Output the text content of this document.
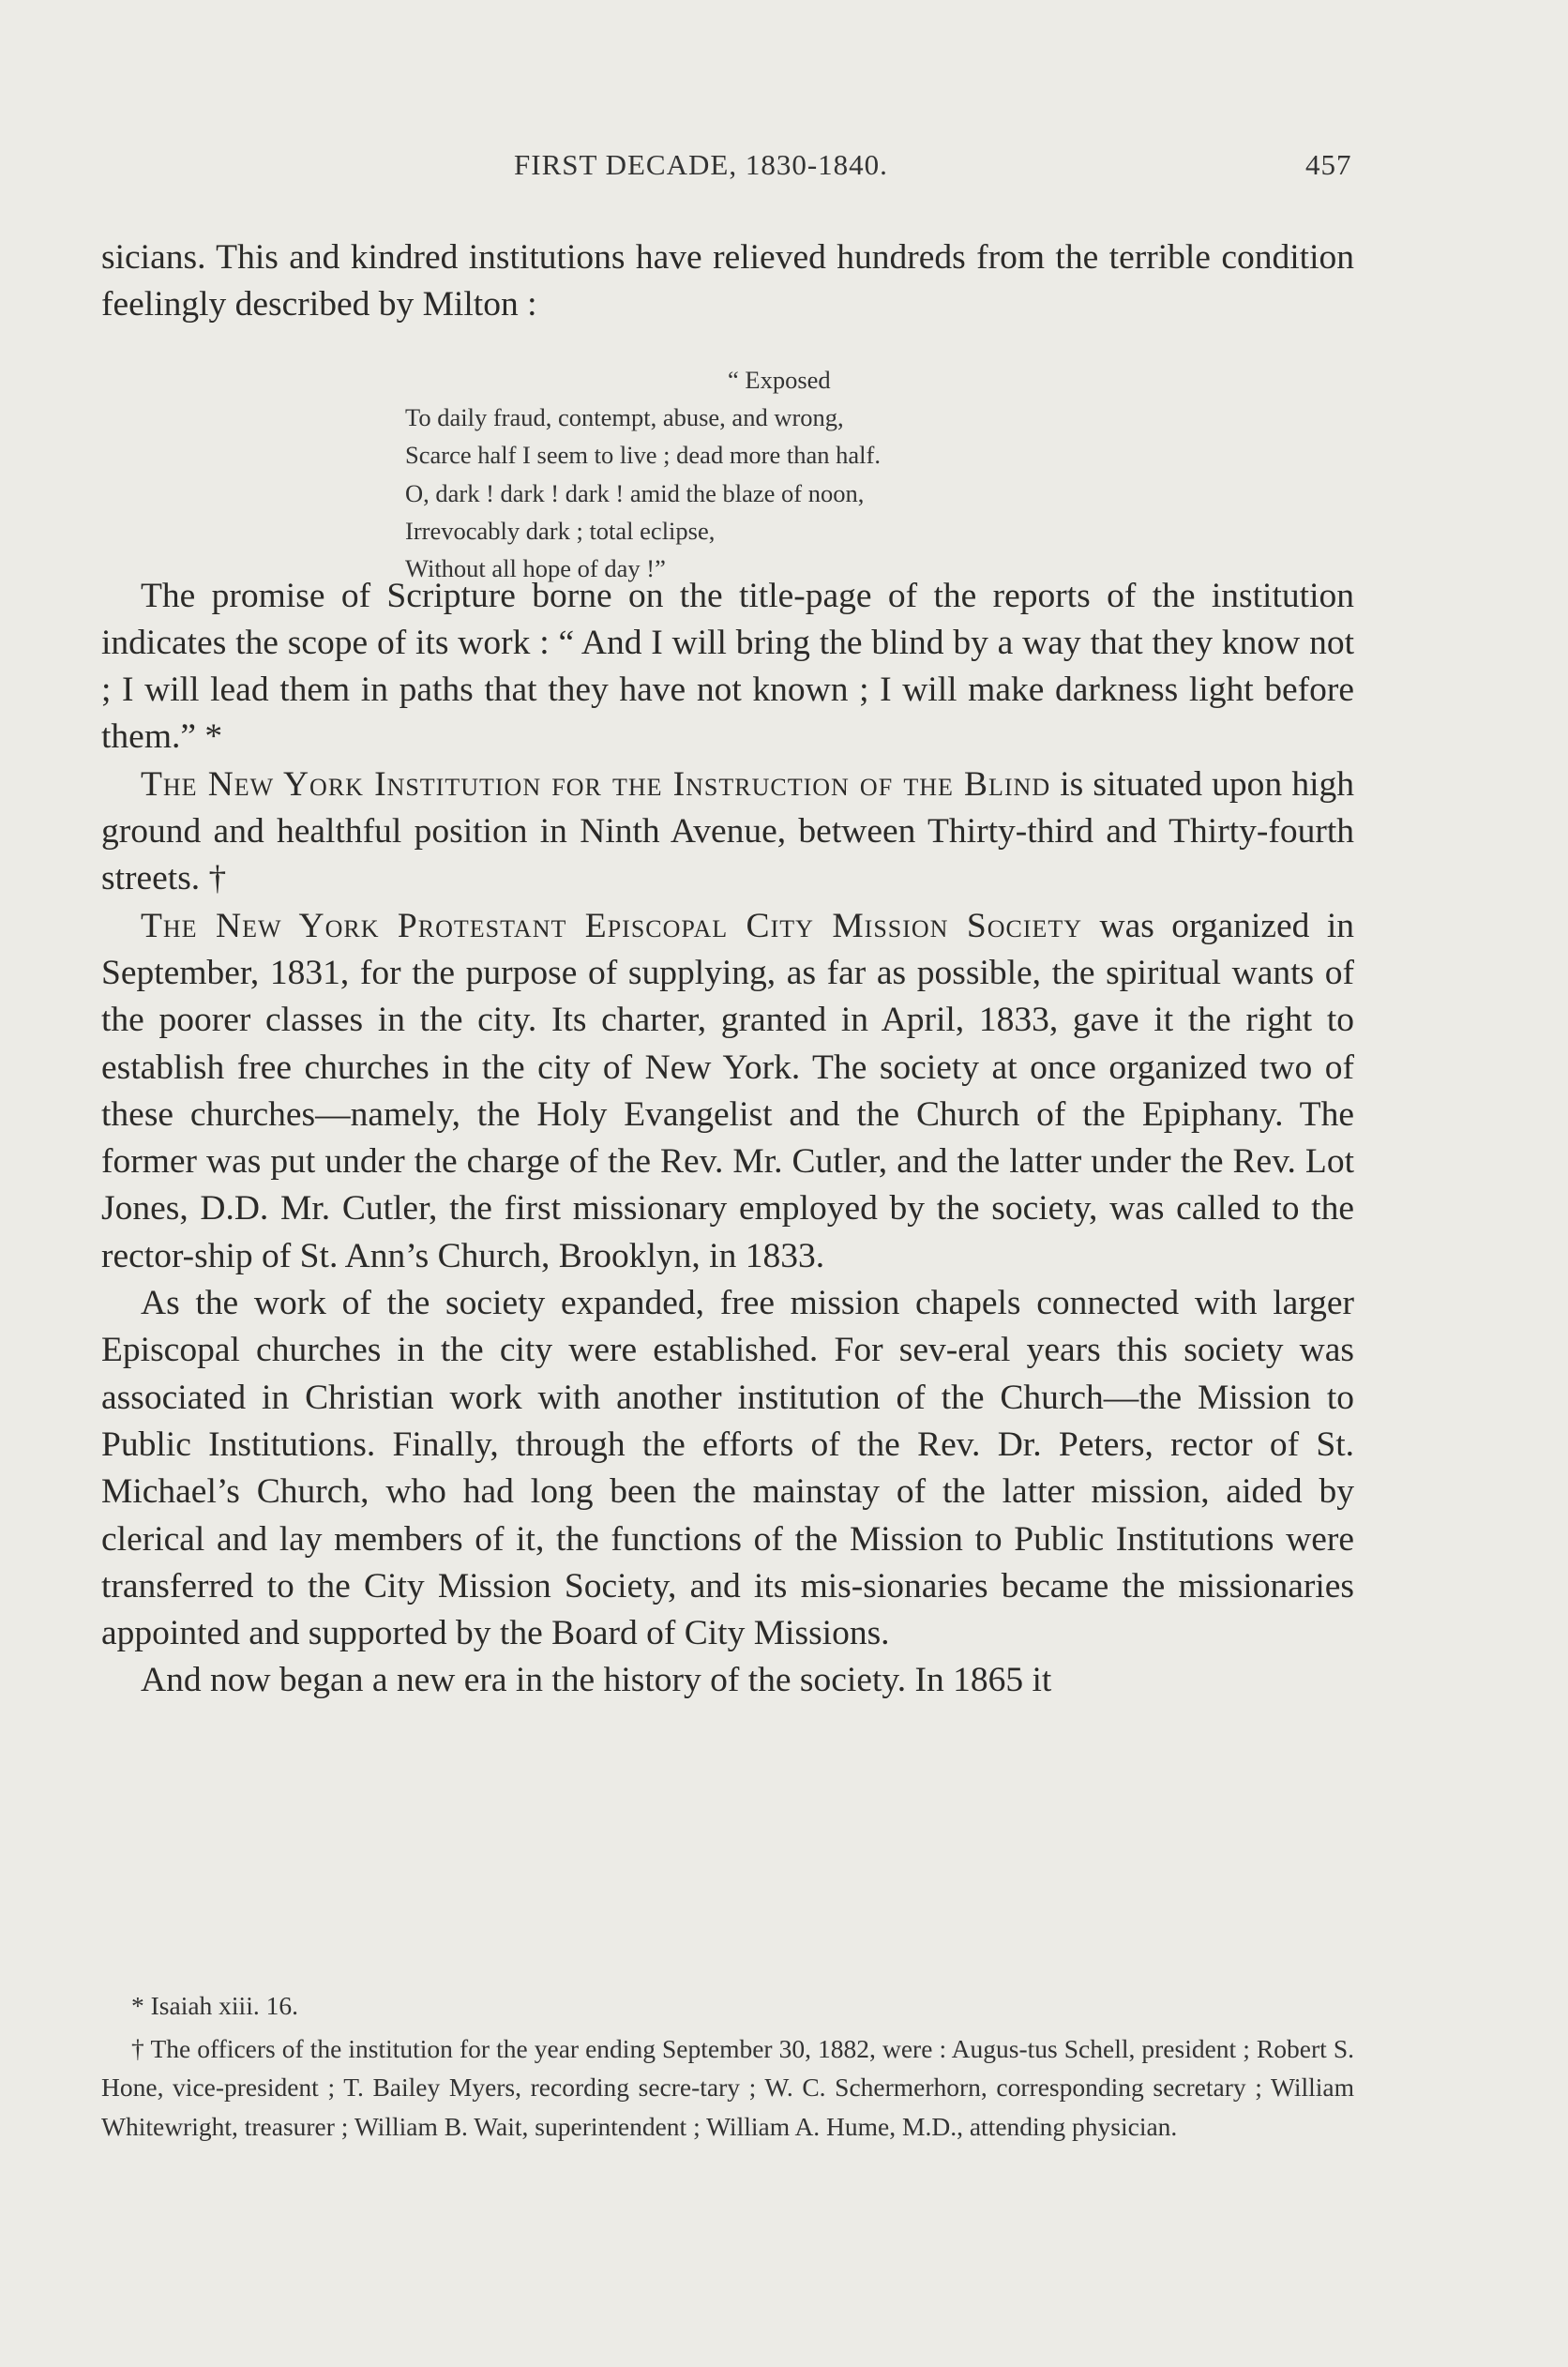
FIRST DECADE, 1830-1840.	457

sicians. This and kindred institutions have relieved hundreds from the terrible condition feelingly described by Milton :

The promise of Scripture borne on the title-page of the reports of the institution indicates the scope of its work : “ And I will bring the blind by a way that they know not ; I will lead them in paths that they have not known ; I will make darkness light before them.” *

The New York Institution for the Instruction of the Blind is situated upon high ground and healthful position in Ninth Avenue, between Thirty-third and Thirty-fourth streets. †

The New York Protestant Episcopal City Mission Society was organized in September, 1831, for the purpose of supplying, as far as possible, the spiritual wants of the poorer classes in the city. Its charter, granted in April, 1833, gave it the right to establish free churches in the city of New York. The society at once organized two of these churches—namely, the Holy Evangelist and the Church of the Epiphany. The former was put under the charge of the Rev. Mr. Cutler, and the latter under the Rev. Lot Jones, D.D. Mr. Cutler, the first missionary employed by the society, was called to the rector-ship of St. Ann’s Church, Brooklyn, in 1833.

As the work of the society expanded, free mission chapels connected with larger Episcopal churches in the city were established. For sev-eral years this society was associated in Christian work with another institution of the Church—the Mission to Public Institutions. Finally, through the efforts of the Rev. Dr. Peters, rector of St. Michael’s Church, who had long been the mainstay of the latter mission, aided by clerical and lay members of it, the functions of the Mission to Public Institutions were transferred to the City Mission Society, and its mis-sionaries became the missionaries appointed and supported by the Board of City Missions.

And now began a new era in the history of the society. In 1865 it

“ Exposed
To daily fraud, contempt, abuse, and wrong,
Scarce half I seem to live ; dead more than half.
O, dark ! dark ! dark ! amid the blaze of noon,
Irrevocably dark ; total eclipse,
Without all hope of day !”

* Isaiah xiii. 16.

† The officers of the institution for the year ending September 30, 1882, were : Augus-tus Schell, president ; Robert S. Hone, vice-president ; T. Bailey Myers, recording secre-tary ; W. C. Schermerhorn, corresponding secretary ; William Whitewright, treasurer ; William B. Wait, superintendent ; William A. Hume, M.D., attending physician.
